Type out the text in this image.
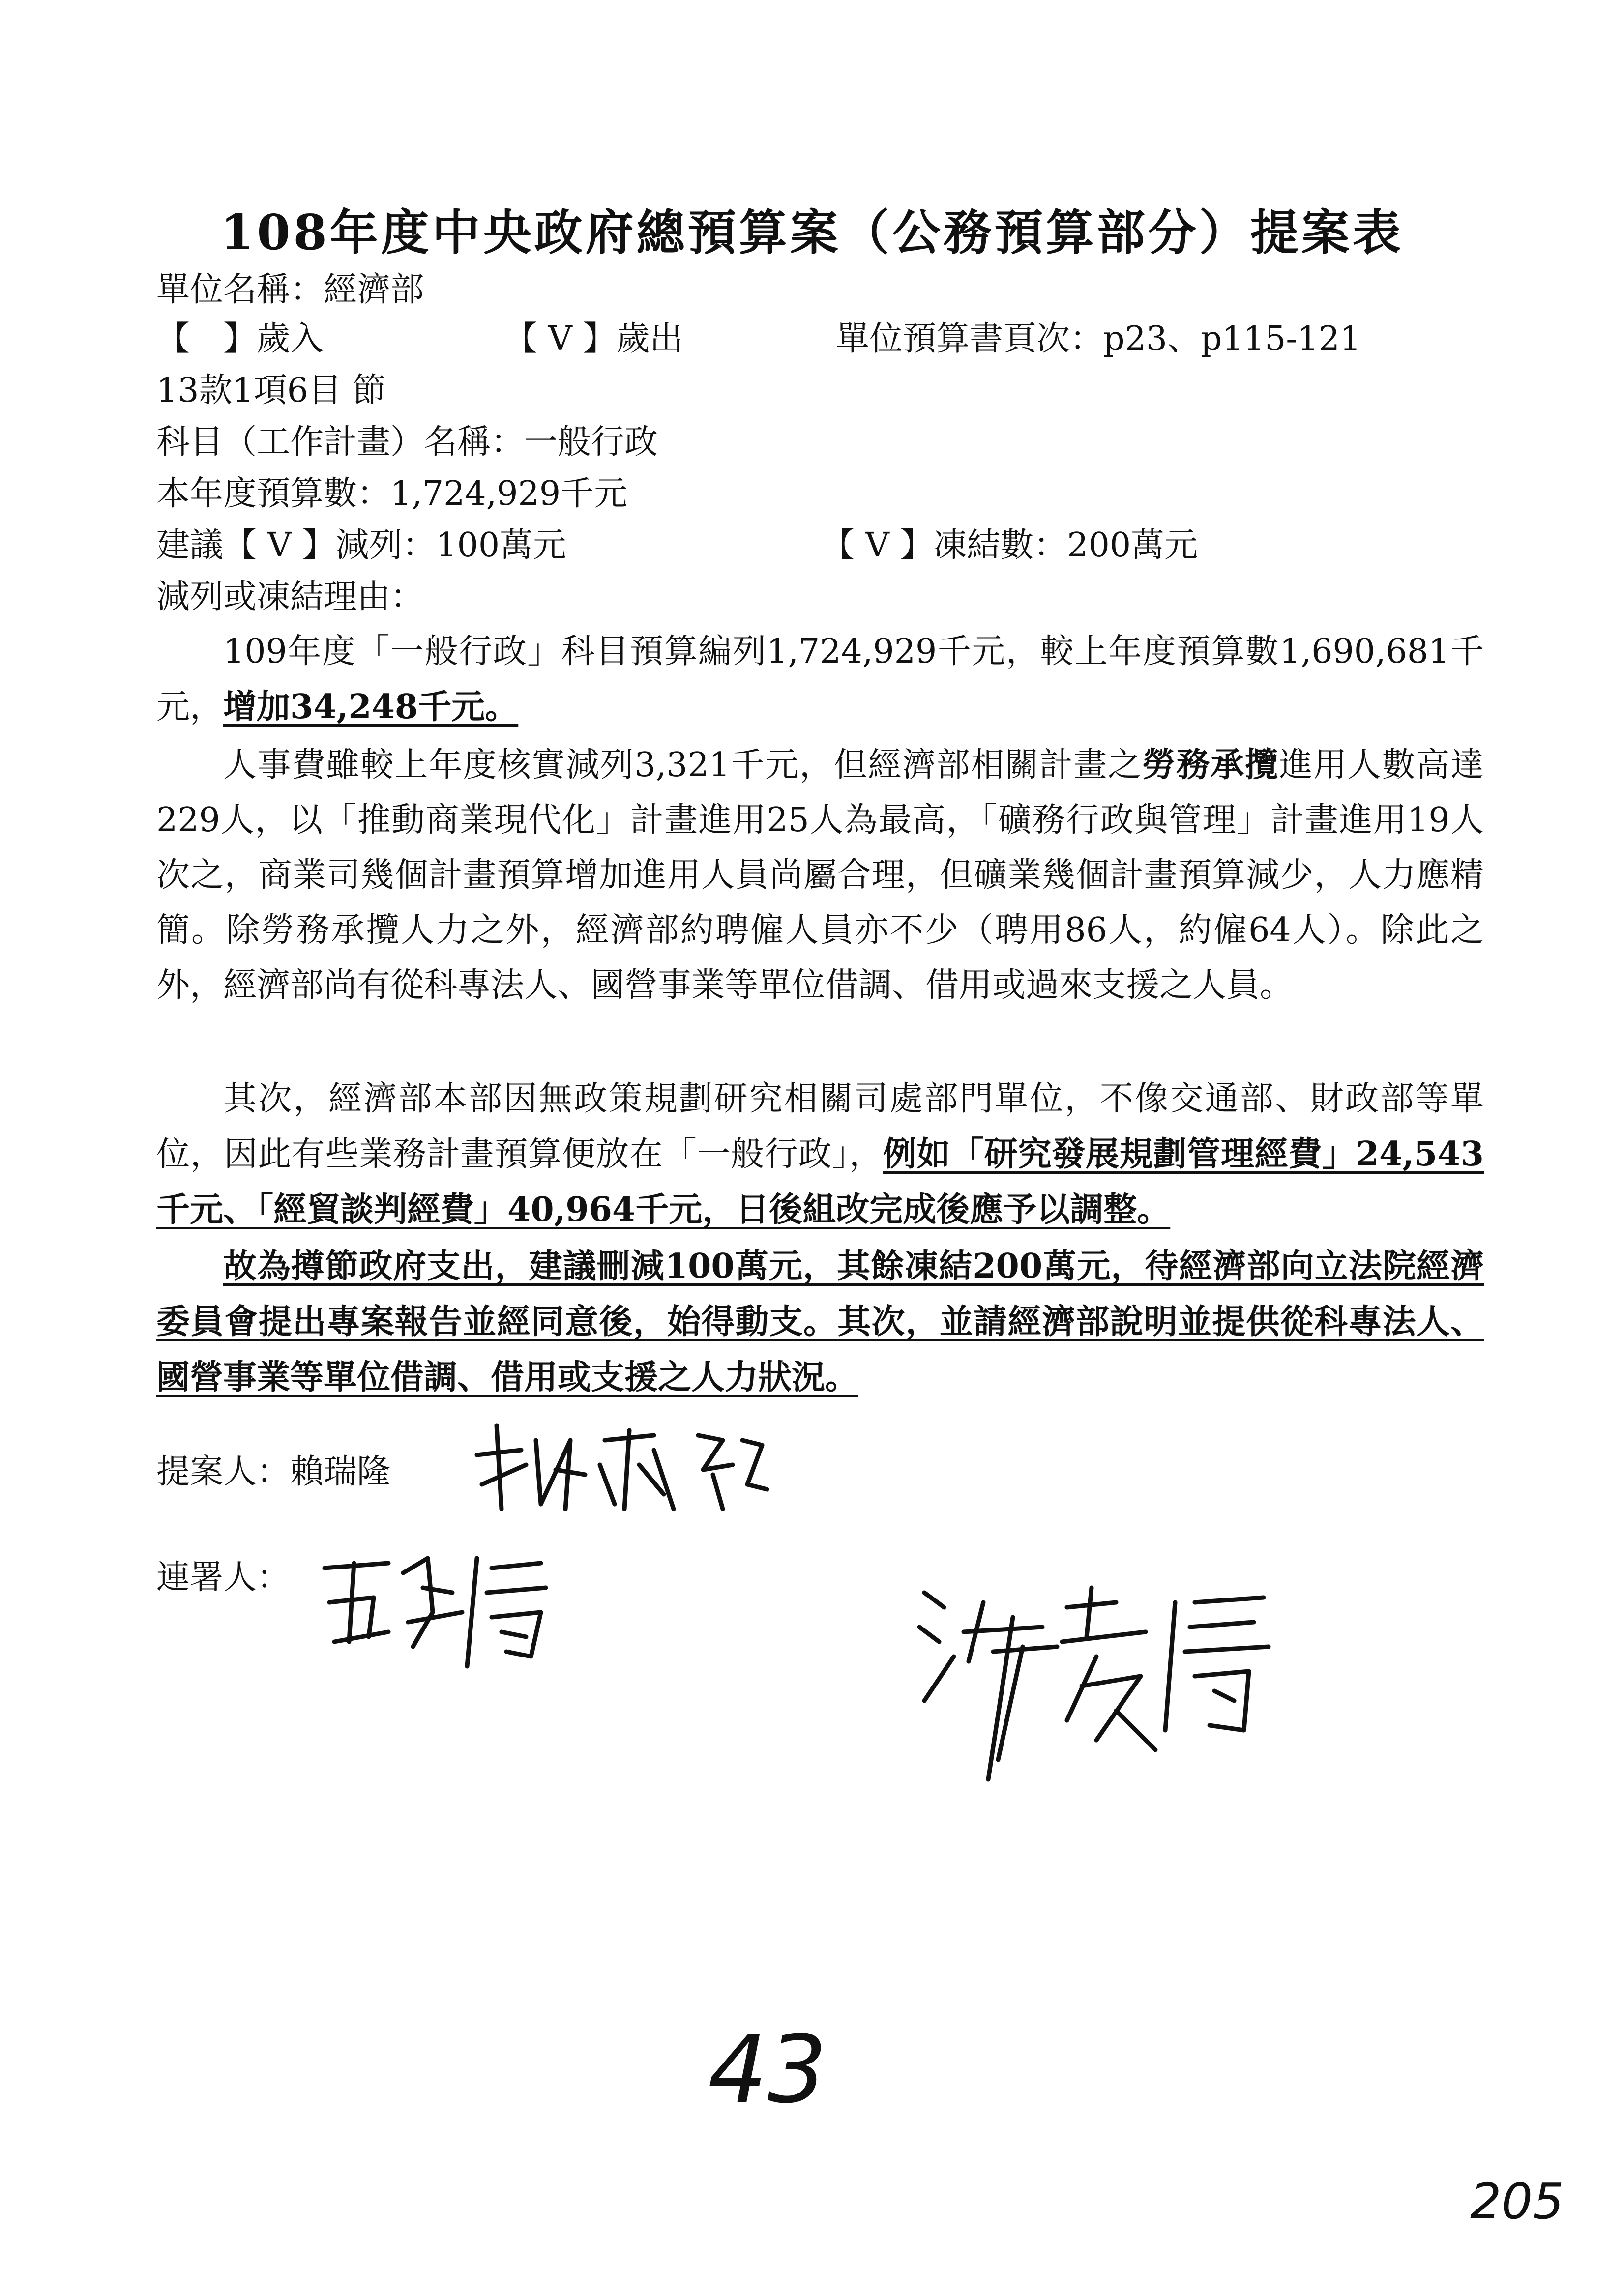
108年度中央政府總預算案（公務預算部分）提案表
單位名稱：經濟部
【　】歲入	【 V 】歲出	單位預算書頁次：p23、p115-121
13款1項6目 節
科目（工作計畫）名稱：一般行政
本年度預算數：1,724,929千元
建議【 V 】減列：100萬元	【 V 】凍結數：200萬元
減列或凍結理由：
109年度「一般行政」科目預算編列1,724,929千元，較上年度預算數1,690,681千元，增加34,248千元。
人事費雖較上年度核實減列3,321千元，但經濟部相關計畫之勞務承攬進用人數高達229人，以「推動商業現代化」計畫進用25人為最高，「礦務行政與管理」計畫進用19人次之，商業司幾個計畫預算增加進用人員尚屬合理，但礦業幾個計畫預算減少，人力應精簡。除勞務承攬人力之外，經濟部約聘僱人員亦不少（聘用86人，約僱64人）。除此之外，經濟部尚有從科專法人、國營事業等單位借調、借用或過來支援之人員。
其次，經濟部本部因無政策規劃研究相關司處部門單位，不像交通部、財政部等單位，因此有些業務計畫預算便放在「一般行政」，例如「研究發展規劃管理經費」24,543千元、「經貿談判經費」40,964千元，日後組改完成後應予以調整。
故為撙節政府支出，建議刪減100萬元，其餘凍結200萬元，待經濟部向立法院經濟委員會提出專案報告並經同意後，始得動支。其次，並請經濟部說明並提供從科專法人、國營事業等單位借調、借用或支援之人力狀況。
提案人：賴瑞隆
連署人：
43
205
